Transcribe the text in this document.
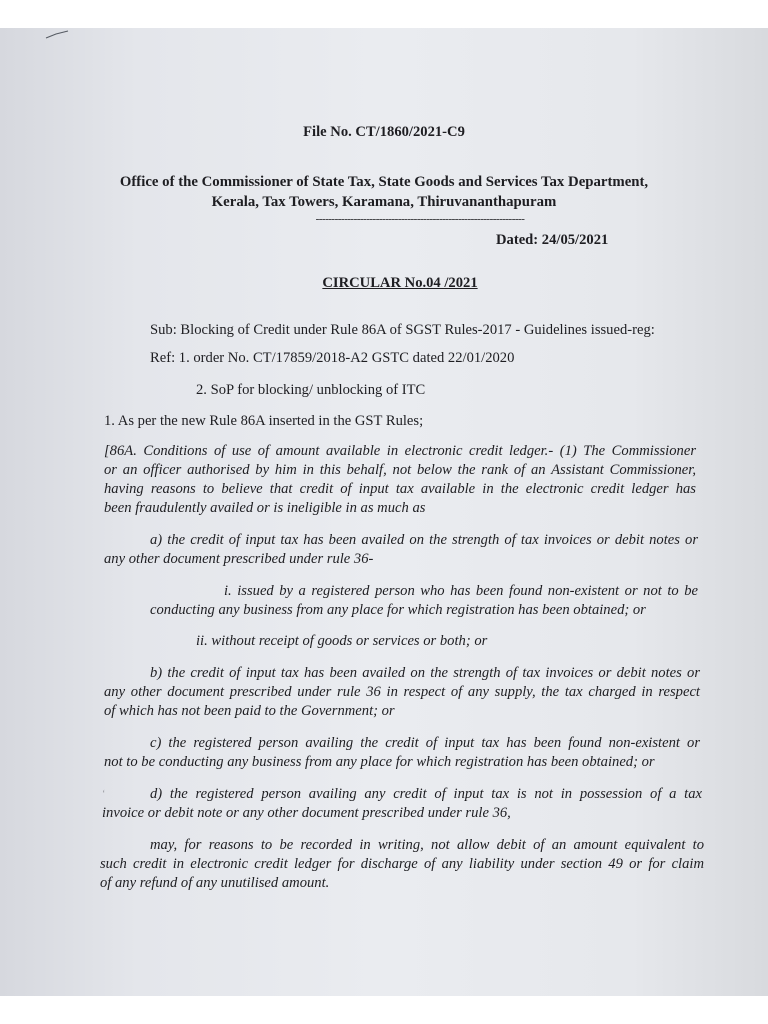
File No. CT/1860/2021-C9
Office of the Commissioner of State Tax, State Goods and Services Tax Department,
Kerala, Tax Towers, Karamana, Thiruvananthapuram
------------------------------------------------------------------
Dated: 24/05/2021
CIRCULAR No.04 /2021
Sub: Blocking of Credit under Rule 86A of SGST Rules-2017 - Guidelines issued-reg:
Ref: 1. order No. CT/17859/2018-A2 GSTC dated 22/01/2020
2. SoP for blocking/ unblocking of ITC
1. As per the new Rule 86A inserted in the GST Rules;
[86A. Conditions of use of amount available in electronic credit ledger.- (1) The Commissioner
or an officer authorised by him in this behalf, not below the rank of an Assistant Commissioner,
having reasons to believe that credit of input tax available in the electronic credit ledger has
been fraudulently availed or is ineligible in as much as
a) the credit of input tax has been availed on the strength of tax invoices or debit notes or
any other document prescribed under rule 36-
i. issued by a registered person who has been found non-existent or not to be
conducting any business from any place for which registration has been obtained; or
ii. without receipt of goods or services or both; or
b) the credit of input tax has been availed on the strength of tax invoices or debit notes or
any other document prescribed under rule 36 in respect of any supply, the tax charged in respect
of which has not been paid to the Government; or
c) the registered person availing the credit of input tax has been found non-existent or
not to be conducting any business from any place for which registration has been obtained; or
‘	d) the registered person availing any credit of input tax is not in possession of a tax
invoice or debit note or any other document prescribed under rule 36,
may, for reasons to be recorded in writing, not allow debit of an amount equivalent to
such credit in electronic credit ledger for discharge of any liability under section 49 or for claim
of any refund of any unutilised amount.
